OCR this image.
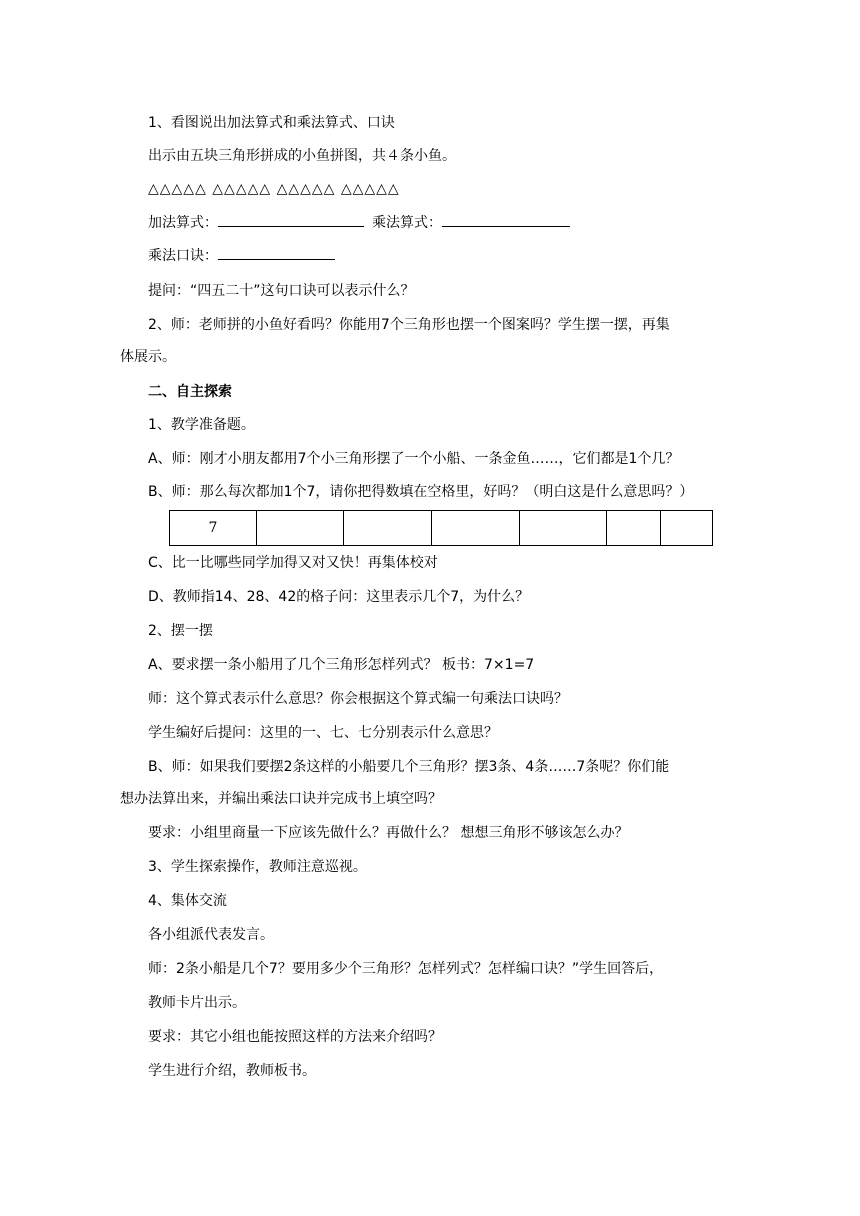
1、看图说出加法算式和乘法算式、口诀
出示由五块三角形拼成的小鱼拼图，共４条小鱼。
△△△△△ △△△△△ △△△△△ △△△△△
加法算式：	乘法算式：
乘法口诀：
提问：“四五二十”这句口诀可以表示什么？
2、师：老师拼的小鱼好看吗？你能用7个三角形也摆一个图案吗？学生摆一摆，再集
体展示。
二、自主探索
1、教学准备题。
A、师：刚才小朋友都用7个小三角形摆了一个小船、一条金鱼……，它们都是1个几？
B、师：那么每次都加1个7，请你把得数填在空格里，好吗？（明白这是什么意思吗？）
7						
C、比一比哪些同学加得又对又快！再集体校对
D、教师指14、28、42的格子问：这里表示几个7，为什么？
2、摆一摆
A、要求摆一条小船用了几个三角形怎样列式？ 板书：7×1=7
师：这个算式表示什么意思？你会根据这个算式编一句乘法口诀吗？
学生编好后提问：这里的一、七、七分别表示什么意思？
B、师：如果我们要摆2条这样的小船要几个三角形？摆3条、4条……7条呢？你们能
想办法算出来，并编出乘法口诀并完成书上填空吗？
要求：小组里商量一下应该先做什么？再做什么？ 想想三角形不够该怎么办？
3、学生探索操作，教师注意巡视。
4、集体交流
各小组派代表发言。
师：2条小船是几个7？要用多少个三角形？怎样列式？怎样编口诀？”学生回答后，
教师卡片出示。
要求：其它小组也能按照这样的方法来介绍吗？
学生进行介绍，教师板书。
